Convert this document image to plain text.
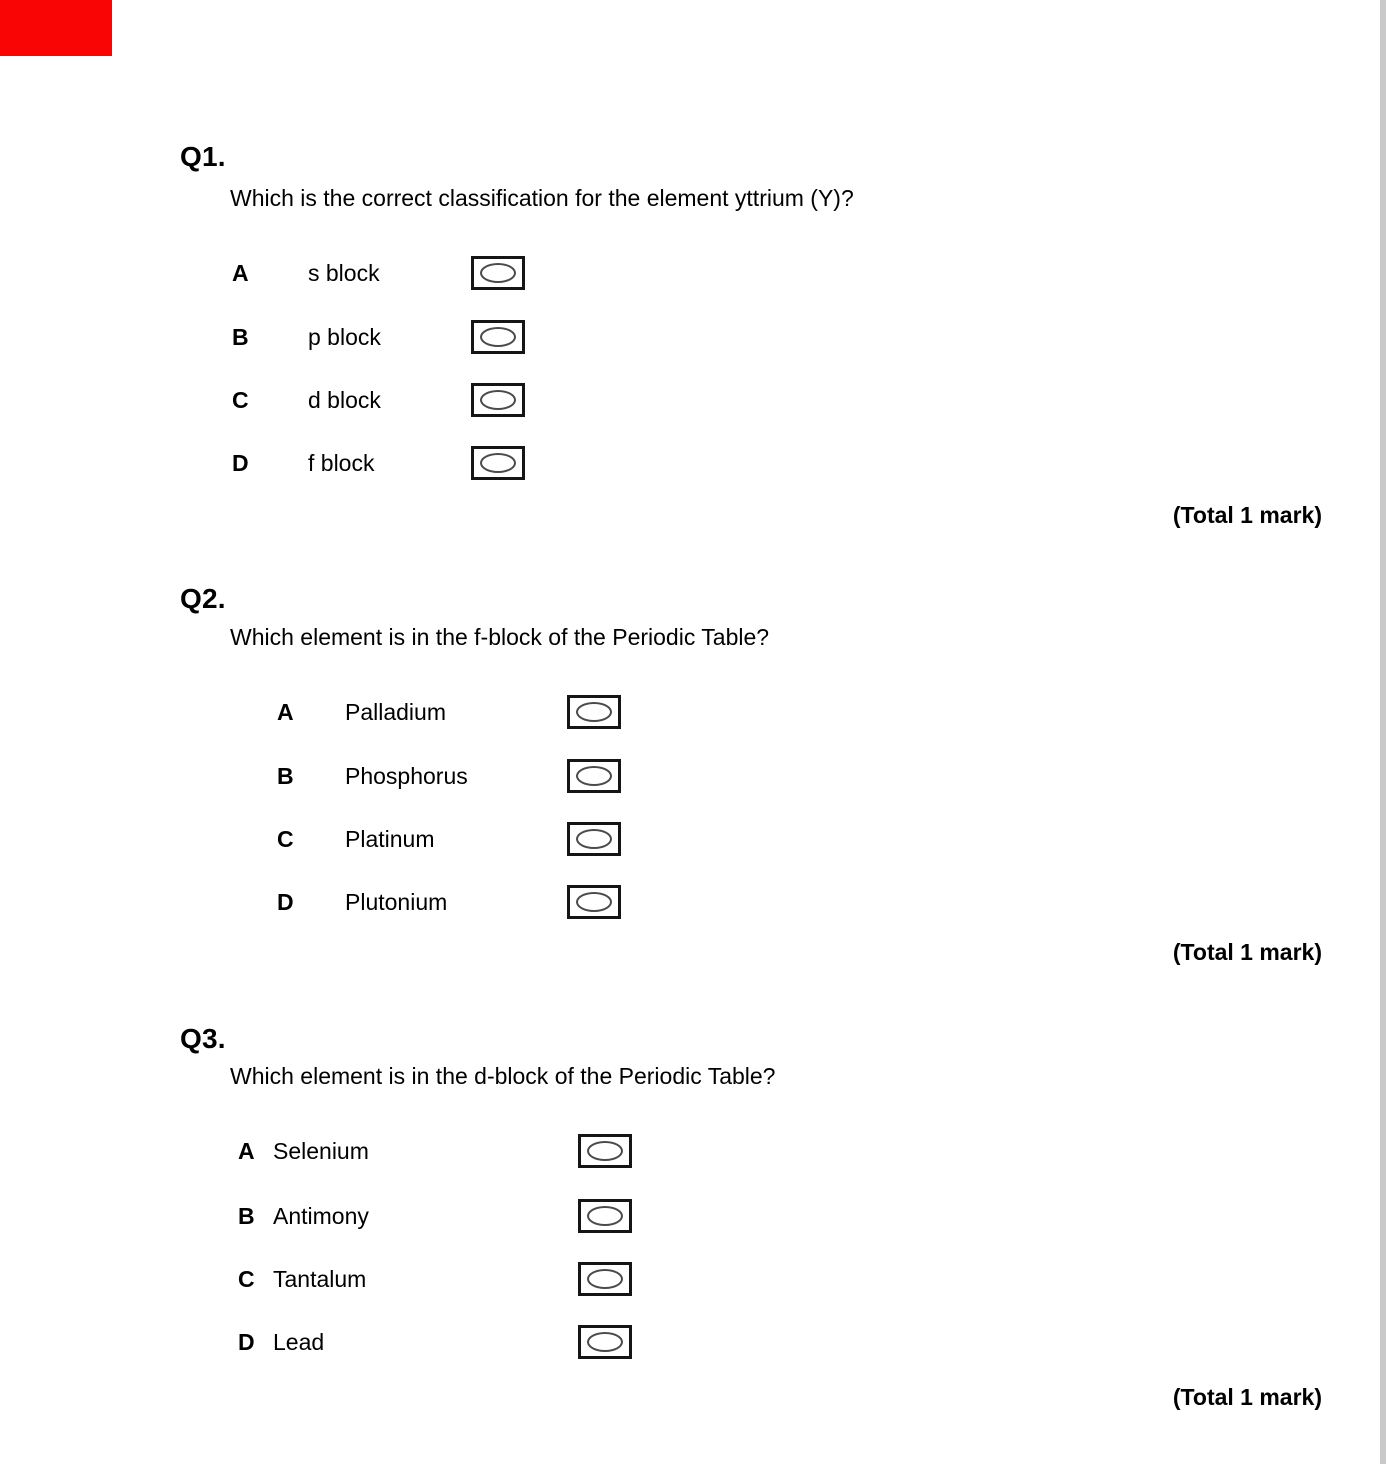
Q1.

Which is the correct classification for the element yttrium (Y)?

A	s block
B	p block
C	d block
D	f block
(Total 1 mark)
Q2.

Which element is in the f-block of the Periodic Table?

A Palladium
B Phosphorus
C Platinum
D Plutonium
(Total 1 mark)
Q3.

Which element is in the d-block of the Periodic Table?

A Selenium
B Antimony
C Tantalum
D Lead
(Total 1 mark)
